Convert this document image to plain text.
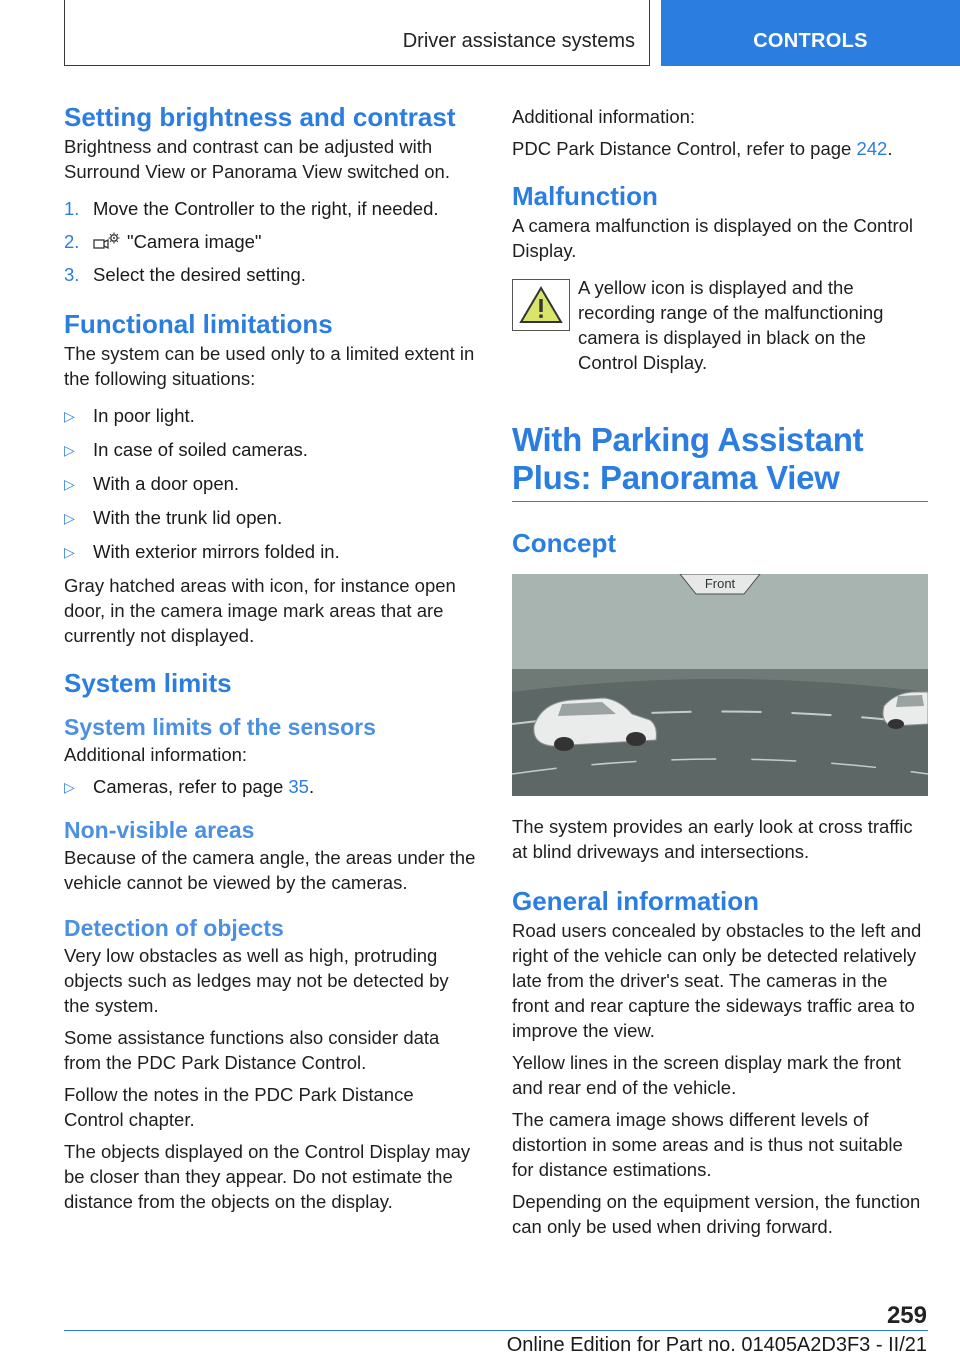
Driver assistance systems	CONTROLS
Setting brightness and contrast

Brightness and contrast can be adjusted with Surround View or Panorama View switched on.

1. Move the Controller to the right, if needed.
2.	"Camera image"
3. Select the desired setting.
Functional limitations

The system can be used only to a limited extent in the following situations:

▷ In poor light.
▷ In case of soiled cameras.
▷ With a door open.
▷ With the trunk lid open.
▷ With exterior mirrors folded in.

Gray hatched areas with icon, for instance open door, in the camera image mark areas that are currently not displayed.

System limits
System limits of the sensors

Additional information:

▷ Cameras, refer to page 35.
Non-visible areas

Because of the camera angle, the areas under the vehicle cannot be viewed by the cameras.

Detection of objects

Very low obstacles as well as high, protruding objects such as ledges may not be detected by the system.

Some assistance functions also consider data from the PDC Park Distance Control.

Follow the notes in the PDC Park Distance Control chapter.

The objects displayed on the Control Display may be closer than they appear. Do not estimate the distance from the objects on the display.

Additional information:

PDC Park Distance Control, refer to page 242.

Malfunction

A camera malfunction is displayed on the Control Display.

A yellow icon is displayed and the recording range of the malfunctioning camera is displayed in black on the Control Display.

With Parking Assistant Plus: Panorama View
Concept
Front

The system provides an early look at cross traffic at blind driveways and intersections.

General information

Road users concealed by obstacles to the left and right of the vehicle can only be detected relatively late from the driver's seat. The cameras in the front and rear capture the sideways traffic area to improve the view.

Yellow lines in the screen display mark the front and rear end of the vehicle.

The camera image shows different levels of distortion in some areas and is thus not suitable for distance estimations.

Depending on the equipment version, the function can only be used when driving forward.

259
Online Edition for Part no. 01405A2D3F3 - II/21
